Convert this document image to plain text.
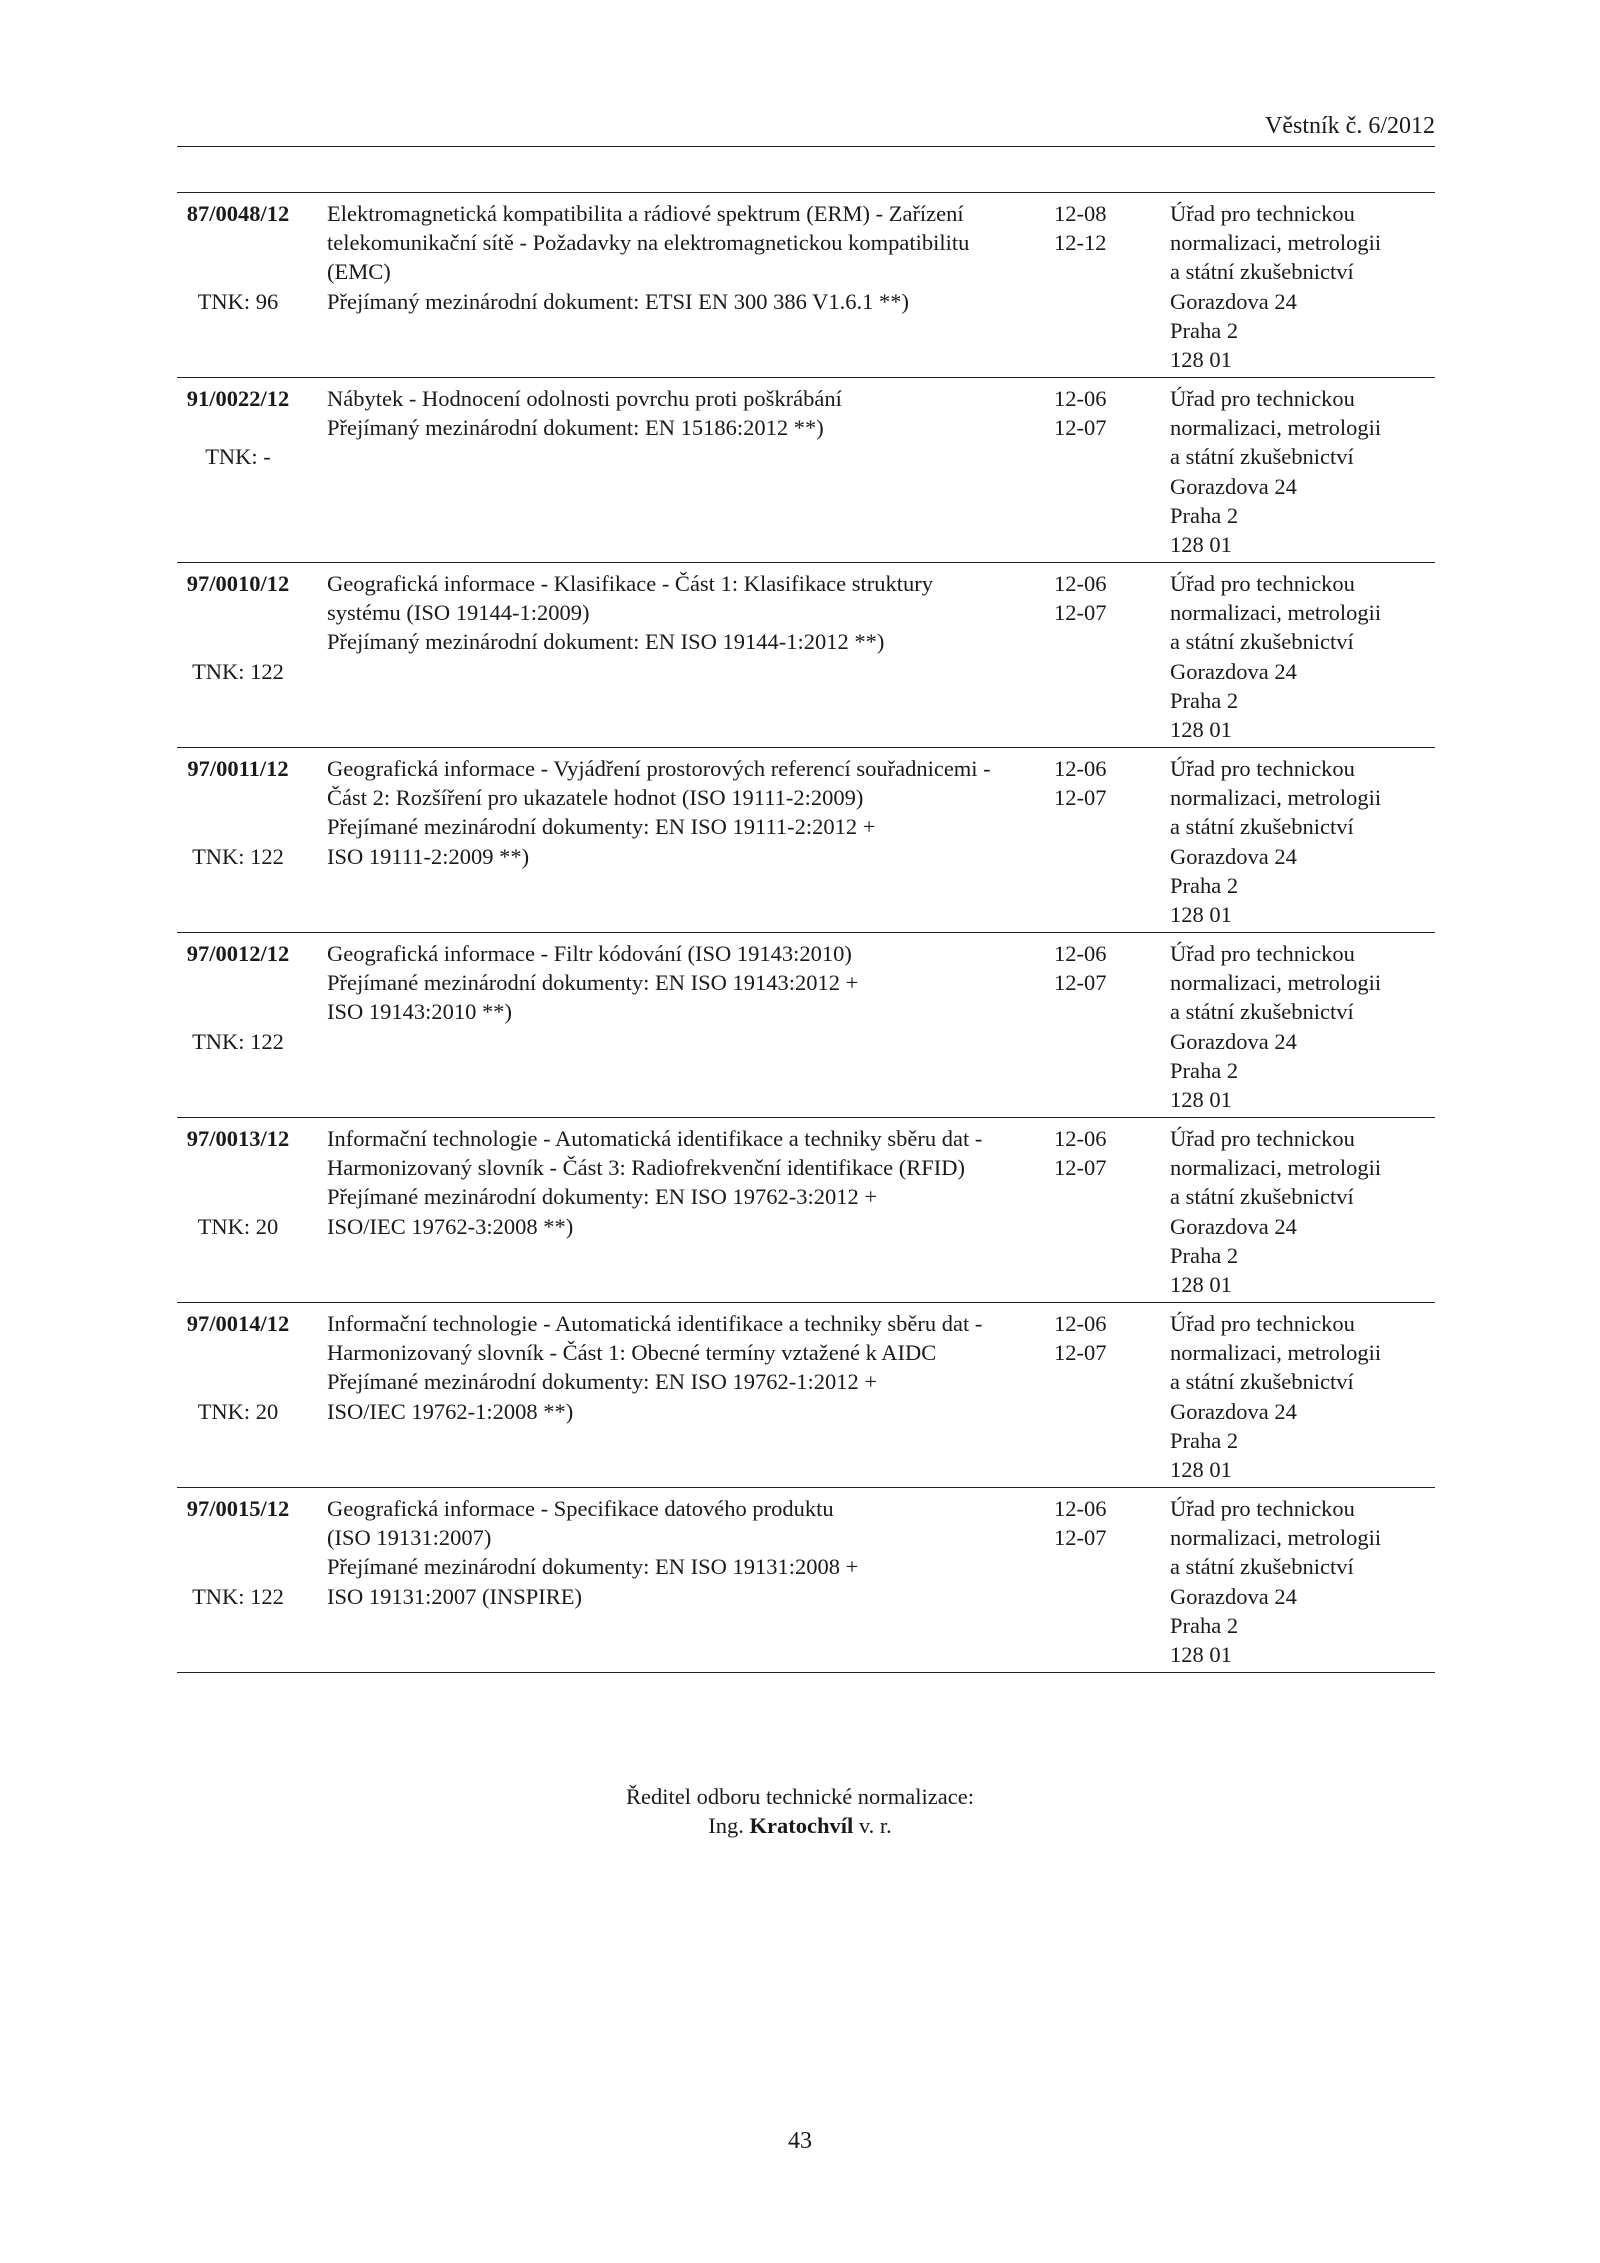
Věstník č. 6/2012
87/0048/12
TNK: 96
Elektromagnetická kompatibilita a rádiové spektrum (ERM) - Zařízení
telekomunikační sítě - Požadavky na elektromagnetickou kompatibilitu
(EMC)
Přejímaný mezinárodní dokument: ETSI EN 300 386 V1.6.1 **)
12-08
12-12
Úřad pro technickou
normalizaci, metrologii
a státní zkušebnictví
Gorazdova 24
Praha 2
128 01
91/0022/12
TNK: -
Nábytek - Hodnocení odolnosti povrchu proti poškrábání
Přejímaný mezinárodní dokument: EN 15186:2012 **)
12-06
12-07
Úřad pro technickou
normalizaci, metrologii
a státní zkušebnictví
Gorazdova 24
Praha 2
128 01
97/0010/12
TNK: 122
Geografická informace - Klasifikace - Část 1: Klasifikace struktury
systému (ISO 19144-1:2009)
Přejímaný mezinárodní dokument: EN ISO 19144-1:2012 **)
12-06
12-07
Úřad pro technickou
normalizaci, metrologii
a státní zkušebnictví
Gorazdova 24
Praha 2
128 01
97/0011/12
TNK: 122
Geografická informace - Vyjádření prostorových referencí souřadnicemi -
Část 2: Rozšíření pro ukazatele hodnot (ISO 19111-2:2009)
Přejímané mezinárodní dokumenty: EN ISO 19111-2:2012 +
ISO 19111-2:2009 **)
12-06
12-07
Úřad pro technickou
normalizaci, metrologii
a státní zkušebnictví
Gorazdova 24
Praha 2
128 01
97/0012/12
TNK: 122
Geografická informace - Filtr kódování (ISO 19143:2010)
Přejímané mezinárodní dokumenty: EN ISO 19143:2012 +
ISO 19143:2010 **)
12-06
12-07
Úřad pro technickou
normalizaci, metrologii
a státní zkušebnictví
Gorazdova 24
Praha 2
128 01
97/0013/12
TNK: 20
Informační technologie - Automatická identifikace a techniky sběru dat -
Harmonizovaný slovník - Část 3: Radiofrekvenční identifikace (RFID)
Přejímané mezinárodní dokumenty: EN ISO 19762-3:2012 +
ISO/IEC 19762-3:2008 **)
12-06
12-07
Úřad pro technickou
normalizaci, metrologii
a státní zkušebnictví
Gorazdova 24
Praha 2
128 01
97/0014/12
TNK: 20
Informační technologie - Automatická identifikace a techniky sběru dat -
Harmonizovaný slovník - Část 1: Obecné termíny vztažené k AIDC
Přejímané mezinárodní dokumenty: EN ISO 19762-1:2012 +
ISO/IEC 19762-1:2008 **)
12-06
12-07
Úřad pro technickou
normalizaci, metrologii
a státní zkušebnictví
Gorazdova 24
Praha 2
128 01
97/0015/12
TNK: 122
Geografická informace - Specifikace datového produktu
(ISO 19131:2007)
Přejímané mezinárodní dokumenty: EN ISO 19131:2008 +
ISO 19131:2007 (INSPIRE)
12-06
12-07
Úřad pro technickou
normalizaci, metrologii
a státní zkušebnictví
Gorazdova 24
Praha 2
128 01
Ředitel odboru technické normalizace:
Ing. Kratochvíl v. r.
43
